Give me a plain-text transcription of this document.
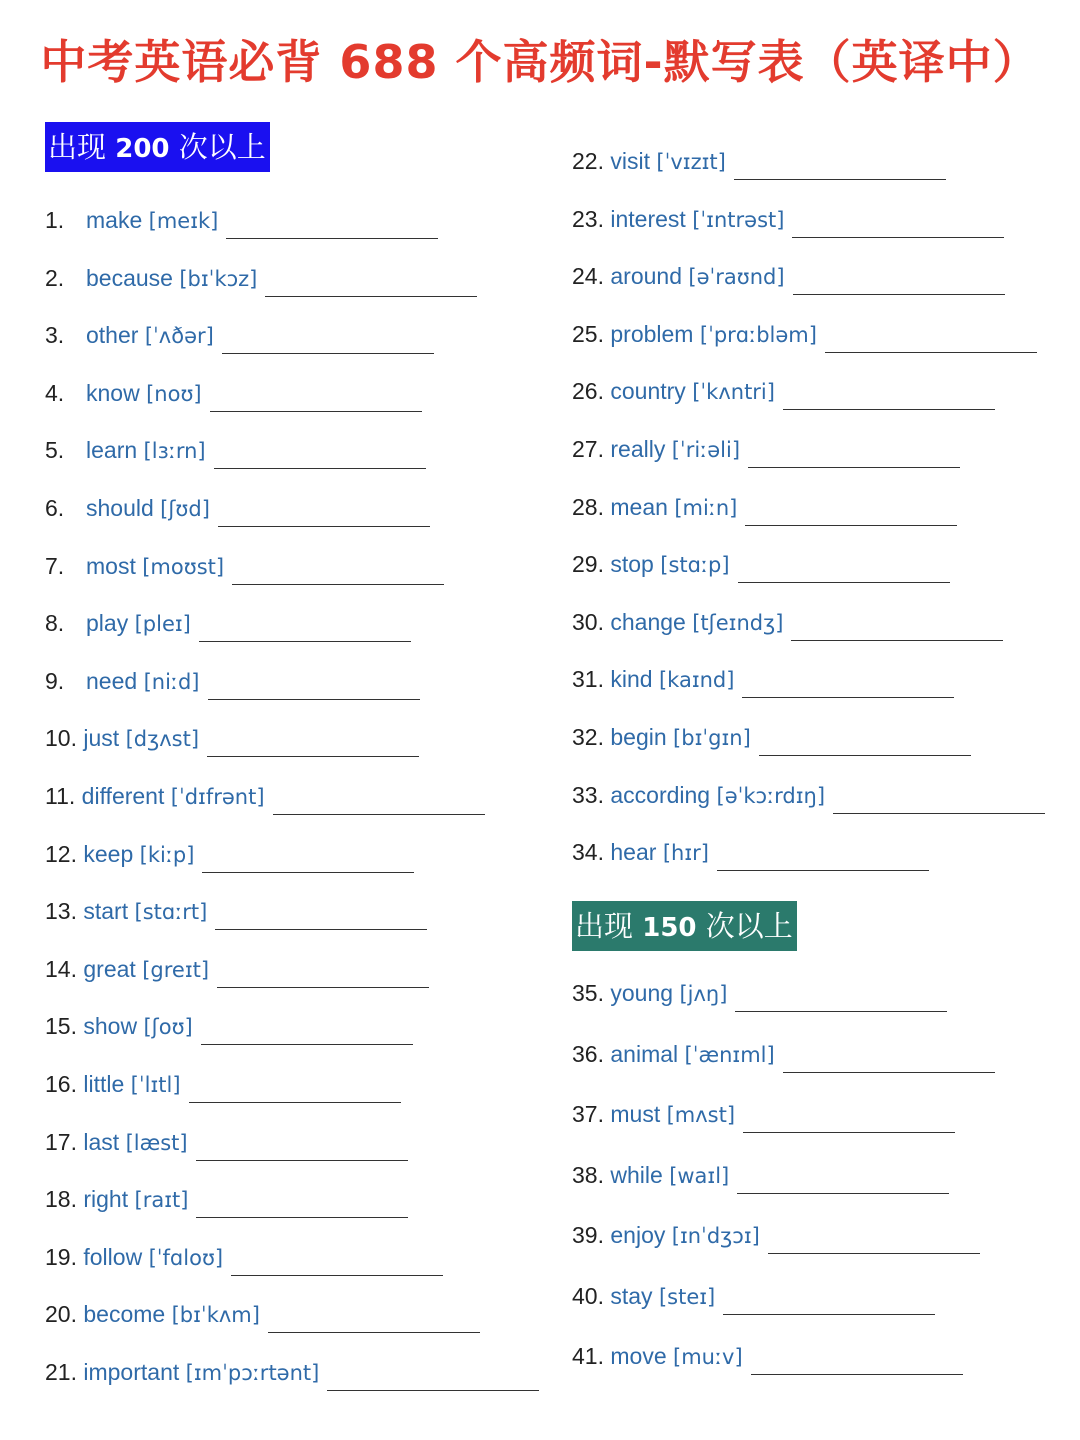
中考英语必背 688 个高频词-默写表（英译中）
出现 200 次以上
1. make [meɪk]
2. because [bɪˈkɔz]
3. other [ˈʌðər]
4. know [noʊ]
5. learn [lɜːrn]
6. should [ʃʊd]
7. most [moʊst]
8. play [pleɪ]
9. need [niːd]
10. just [dʒʌst]
11. different [ˈdɪfrənt]
12. keep [kiːp]
13. start [stɑːrt]
14. great [greɪt]
15. show [ʃoʊ]
16. little [ˈlɪtl]
17. last [læst]
18. right [raɪt]
19. follow [ˈfɑloʊ]
20. become [bɪˈkʌm]
21. important [ɪmˈpɔːrtənt]
22. visit [ˈvɪzɪt]
23. interest [ˈɪntrəst]
24. around [əˈraʊnd]
25. problem [ˈprɑːbləm]
26. country [ˈkʌntri]
27. really [ˈriːəli]
28. mean [miːn]
29. stop [stɑːp]
30. change [tʃeɪndʒ]
31. kind [kaɪnd]
32. begin [bɪˈgɪn]
33. according [əˈkɔːrdɪŋ]
34. hear [hɪr]
出现 150 次以上
35. young [jʌŋ]
36. animal [ˈænɪml]
37. must [mʌst]
38. while [waɪl]
39. enjoy [ɪnˈdʒɔɪ]
40. stay [steɪ]
41. move [muːv]
